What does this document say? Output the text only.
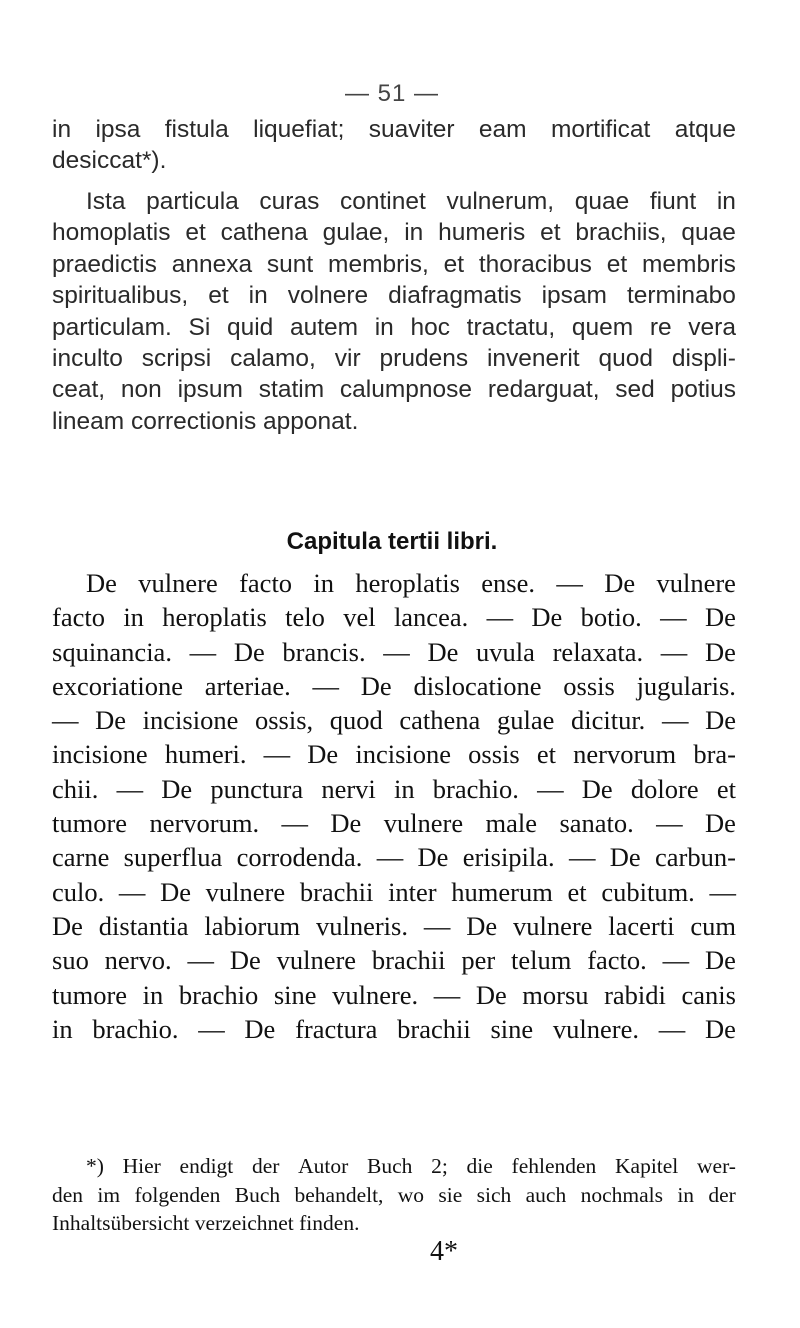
— 51 —
in ipsa fistula liquefiat; suaviter eam mortificat atque
desiccat*).
Ista particula curas continet vulnerum, quae fiunt in
homoplatis et cathena gulae, in humeris et brachiis, quae
praedictis annexa sunt membris, et thoracibus et membris
spiritualibus, et in volnere diafragmatis ipsam terminabo
particulam. Si quid autem in hoc tractatu, quem re vera
inculto scripsi calamo, vir prudens invenerit quod displi-
ceat, non ipsum statim calumpnose redarguat, sed potius
lineam correctionis apponat.
Capitula tertii libri.
De vulnere facto in heroplatis ense. — De vulnere
facto in heroplatis telo vel lancea. — De botio. — De
squinancia. — De brancis. — De uvula relaxata. — De
excoriatione arteriae. — De dislocatione ossis jugularis.
— De incisione ossis, quod cathena gulae dicitur. — De
incisione humeri. — De incisione ossis et nervorum bra-
chii. — De punctura nervi in brachio. — De dolore et
tumore nervorum. — De vulnere male sanato. — De
carne superflua corrodenda. — De erisipila. — De carbun-
culo. — De vulnere brachii inter humerum et cubitum. —
De distantia labiorum vulneris. — De vulnere lacerti cum
suo nervo. — De vulnere brachii per telum facto. — De
tumore in brachio sine vulnere. — De morsu rabidi canis
in brachio. — De fractura brachii sine vulnere. — De
*) Hier endigt der Autor Buch 2; die fehlenden Kapitel wer-
den im folgenden Buch behandelt, wo sie sich auch nochmals in der
Inhaltsübersicht verzeichnet finden.
4*
